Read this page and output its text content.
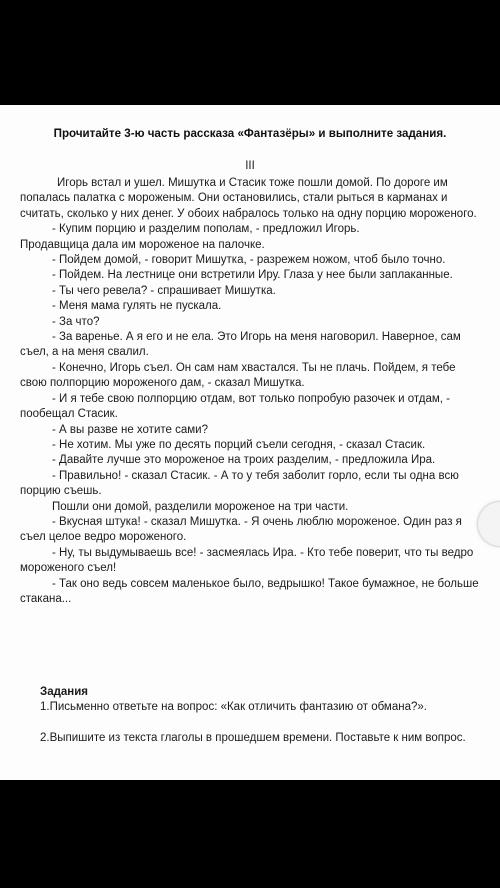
Прочитайте 3-ю часть рассказа «Фантазёры» и выполните задания.
III

Игорь встал и ушел. Мишутка и Стасик тоже пошли домой. По дороге им попалась палатка с мороженым. Они остановились, стали рыться в карманах и считать, сколько у них денег. У обоих набралось только на одну порцию мороженого.

- Купим порцию и разделим пополам, - предложил Игорь.

Продавщица дала им мороженое на палочке.

- Пойдем домой, - говорит Мишутка, - разрежем ножом, чтоб было точно.

- Пойдем. На лестнице они встретили Иру. Глаза у нее были заплаканные.

- Ты чего ревела? - спрашивает Мишутка.

- Меня мама гулять не пускала.

- За что?

- За варенье. А я его и не ела. Это Игорь на меня наговорил. Наверное, сам съел, а на меня свалил.

- Конечно, Игорь съел. Он сам нам хвастался. Ты не плачь. Пойдем, я тебе свою полпорцию мороженого дам, - сказал Мишутка.

- И я тебе свою полпорцию отдам, вот только попробую разочек и отдам, - пообещал Стасик.

- А вы разве не хотите сами?

- Не хотим. Мы уже по десять порций съели сегодня, - сказал Стасик.

- Давайте лучше это мороженое на троих разделим, - предложила Ира.

- Правильно! - сказал Стасик. - А то у тебя заболит горло, если ты одна всю порцию съешь.

Пошли они домой, разделили мороженое на три части.

- Вкусная штука! - сказал Мишутка. - Я очень люблю мороженое. Один раз я съел целое ведро мороженого.

- Ну, ты выдумываешь все! - засмеялась Ира. - Кто тебе поверит, что ты ведро мороженого съел!

- Так оно ведь совсем маленькое было, ведрышко! Такое бумажное, не больше стакана...

Задания

1.Письменно ответьте на вопрос: «Как отличить фантазию от обмана?».

2.Выпишите из текста глаголы в прошедшем времени. Поставьте к ним вопрос.
